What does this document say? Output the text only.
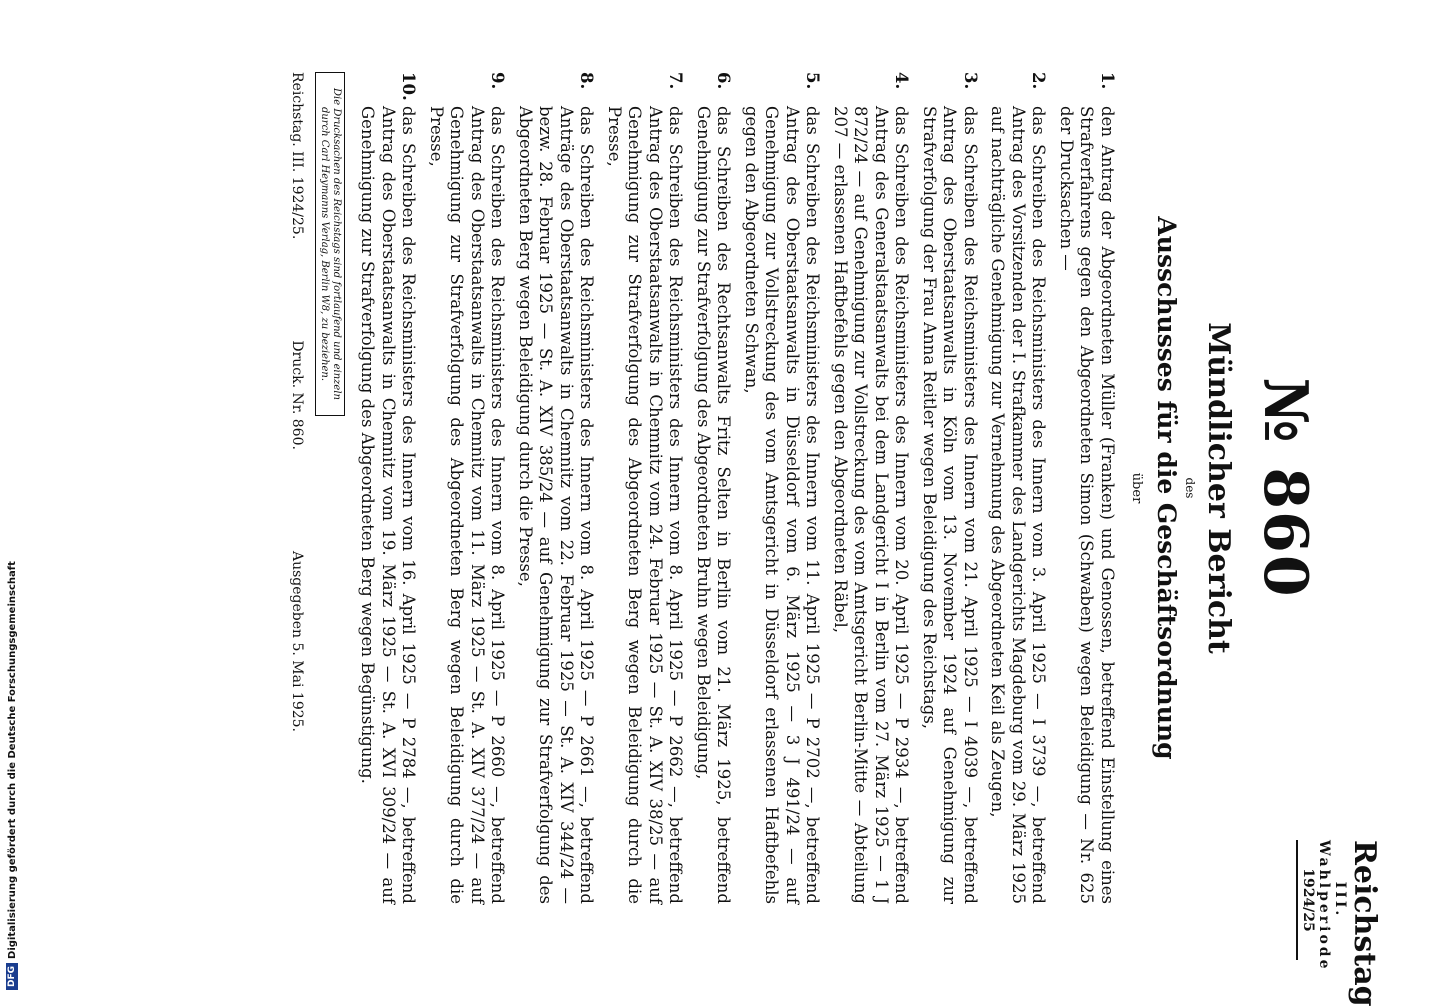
Reichstag
III. Wahlperiode
1924/25
№ 860
Mündlicher Bericht
des
Ausschusses für die Geschäftsordnung
über
1.
den Antrag der Abgeordneten Müller (Franken) und Genossen, betreffend Einstellung eines Strafverfahrens gegen den Abgeordneten Simon (Schwaben) wegen Beleidigung — Nr. 625 der Drucksachen —
2.
das Schreiben des Reichsministers des Innern vom 3. April 1925 — I 3739 —, betreffend Antrag des Vorsitzenden der I. Strafkammer des Landgerichts Magdeburg vom 29. März 1925 auf nachträgliche Genehmigung zur Vernehmung des Abgeordneten Keil als Zeugen,
3.
das Schreiben des Reichsministers des Innern vom 21. April 1925 — I 4039 —, betreffend Antrag des Oberstaatsanwalts in Köln vom 13. November 1924 auf Genehmigung zur Strafverfolgung der Frau Anna Reitler wegen Beleidigung des Reichstags,
4.
das Schreiben des Reichsministers des Innern vom 20. April 1925 — P 2934 —, betreffend Antrag des Generalstaatsanwalts bei dem Landgericht I in Berlin vom 27. März 1925 — 1 J 872/24 — auf Genehmigung zur Vollstreckung des vom Amtsgericht Berlin-Mitte — Abteilung 207 — erlassenen Haftbefehls gegen den Abgeordneten Räbel,
5.
das Schreiben des Reichsministers des Innern vom 11. April 1925 — P 2702 —, betreffend Antrag des Oberstaatsanwalts in Düsseldorf vom 6. März 1925 — 3 J 491/24 — auf Genehmigung zur Vollstreckung des vom Amtsgericht in Düsseldorf erlassenen Haftbefehls gegen den Abgeordneten Schwan,
6.
das Schreiben des Rechtsanwalts Fritz Selten in Berlin vom 21. März 1925, betreffend Genehmigung zur Strafverfolgung des Abgeordneten Bruhn wegen Beleidigung,
7.
das Schreiben des Reichsministers des Innern vom 8. April 1925 — P 2662 —, betreffend Antrag des Oberstaatsanwalts in Chemnitz vom 24. Februar 1925 — St. A. XIV 38/25 — auf Genehmigung zur Strafverfolgung des Abgeordneten Berg wegen Beleidigung durch die Presse,
8.
das Schreiben des Reichsministers des Innern vom 8. April 1925 — P 2661 —, betreffend Anträge des Oberstaatsanwalts in Chemnitz vom 22. Februar 1925 — St. A. XIV 344/24 — bezw. 28. Februar 1925 — St. A. XIV 385/24 — auf Genehmigung zur Strafverfolgung des Abgeordneten Berg wegen Beleidigung durch die Presse,
9.
das Schreiben des Reichsministers des Innern vom 8. April 1925 — P 2660 —, betreffend Antrag des Oberstaatsanwalts in Chemnitz vom 11. März 1925 — St. A. XIV 377/24 — auf Genehmigung zur Strafverfolgung des Abgeordneten Berg wegen Beleidigung durch die Presse,
10.
das Schreiben des Reichsministers des Innern vom 16. April 1925 — P 2784 —, betreffend Antrag des Oberstaatsanwalts in Chemnitz vom 19. März 1925 — St. A. XVI 309/24 — auf Genehmigung zur Strafverfolgung des Abgeordneten Berg wegen Begünstigung.
Die Drucksachen des Reichstags sind fortlaufend und einzeln durch Carl Heymanns Verlag, Berlin W8, zu beziehen.
Reichstag. III. 1924/25.
Druck. Nr. 860.
Ausgegeben 5. Mai 1925.
DFG
Digitalisierung gefördert durch die Deutsche Forschungsgemeinschaft
